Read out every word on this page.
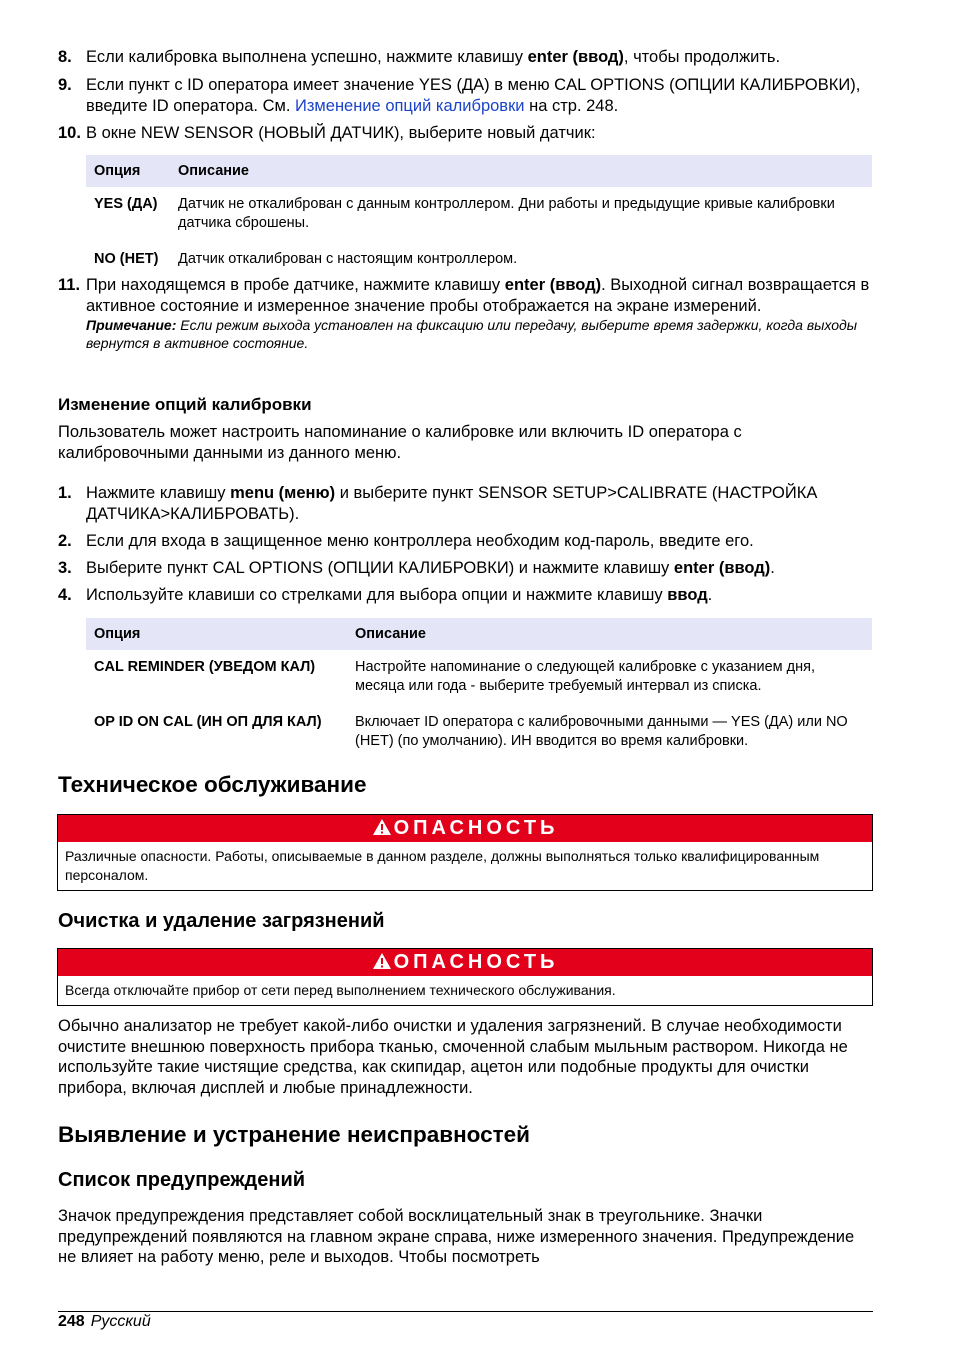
8. Если калибровка выполнена успешно, нажмите клавишу enter (ввод), чтобы продолжить.
9. Если пункт с ID оператора имеет значение YES (ДА) в меню CAL OPTIONS (ОПЦИИ КАЛИБРОВКИ), введите ID оператора. См. Изменение опций калибровки на стр. 248.
10. В окне NEW SENSOR (НОВЫЙ ДАТЧИК), выберите новый датчик:
Опция	Описание
YES (ДА)	Датчик не откалиброван с данным контроллером. Дни работы и предыдущие кривые калибровки датчика сброшены.
NO (НЕТ)	Датчик откалиброван с настоящим контроллером.
11. При находящемся в пробе датчике, нажмите клавишу enter (ввод). Выходной сигнал возвращается в активное состояние и измеренное значение пробы отображается на экране измерений.
Примечание: Если режим выхода установлен на фиксацию или передачу, выберите время задержки, когда выходы вернутся в активное состояние.
Изменение опций калибровки
Пользователь может настроить напоминание о калибровке или включить ID оператора с калибровочными данными из данного меню.
1. Нажмите клавишу menu (меню) и выберите пункт SENSOR SETUP>CALIBRATE (НАСТРОЙКА ДАТЧИКА>КАЛИБРОВАТЬ).
2. Если для входа в защищенное меню контроллера необходим код-пароль, введите его.
3. Выберите пункт CAL OPTIONS (ОПЦИИ КАЛИБРОВКИ) и нажмите клавишу enter (ввод).
4. Используйте клавиши со стрелками для выбора опции и нажмите клавишу ввод.
Опция	Описание
CAL REMINDER (УВЕДОМ КАЛ)	Настройте напоминание о следующей калибровке с указанием дня, месяца или года - выберите требуемый интервал из списка.
OP ID ON CAL (ИН ОП ДЛЯ КАЛ)	Включает ID оператора с калибровочными данными — YES (ДА) или NO (НЕТ) (по умолчанию). ИН вводится во время калибровки.
Техническое обслуживание
ОПАСНОСТЬ
Различные опасности. Работы, описываемые в данном разделе, должны выполняться только квалифицированным персоналом.
Очистка и удаление загрязнений
ОПАСНОСТЬ
Всегда отключайте прибор от сети перед выполнением технического обслуживания.
Обычно анализатор не требует какой-либо очистки и удаления загрязнений. В случае необходимости очистите внешнюю поверхность прибора тканью, смоченной слабым мыльным раствором. Никогда не используйте такие чистящие средства, как скипидар, ацетон или подобные продукты для очистки прибора, включая дисплей и любые принадлежности.
Выявление и устранение неисправностей
Список предупреждений
Значок предупреждения представляет собой восклицательный знак в треугольнике. Значки предупреждений появляются на главном экране справа, ниже измеренного значения. Предупреждение не влияет на работу меню, реле и выходов. Чтобы посмотреть
248 Русский
